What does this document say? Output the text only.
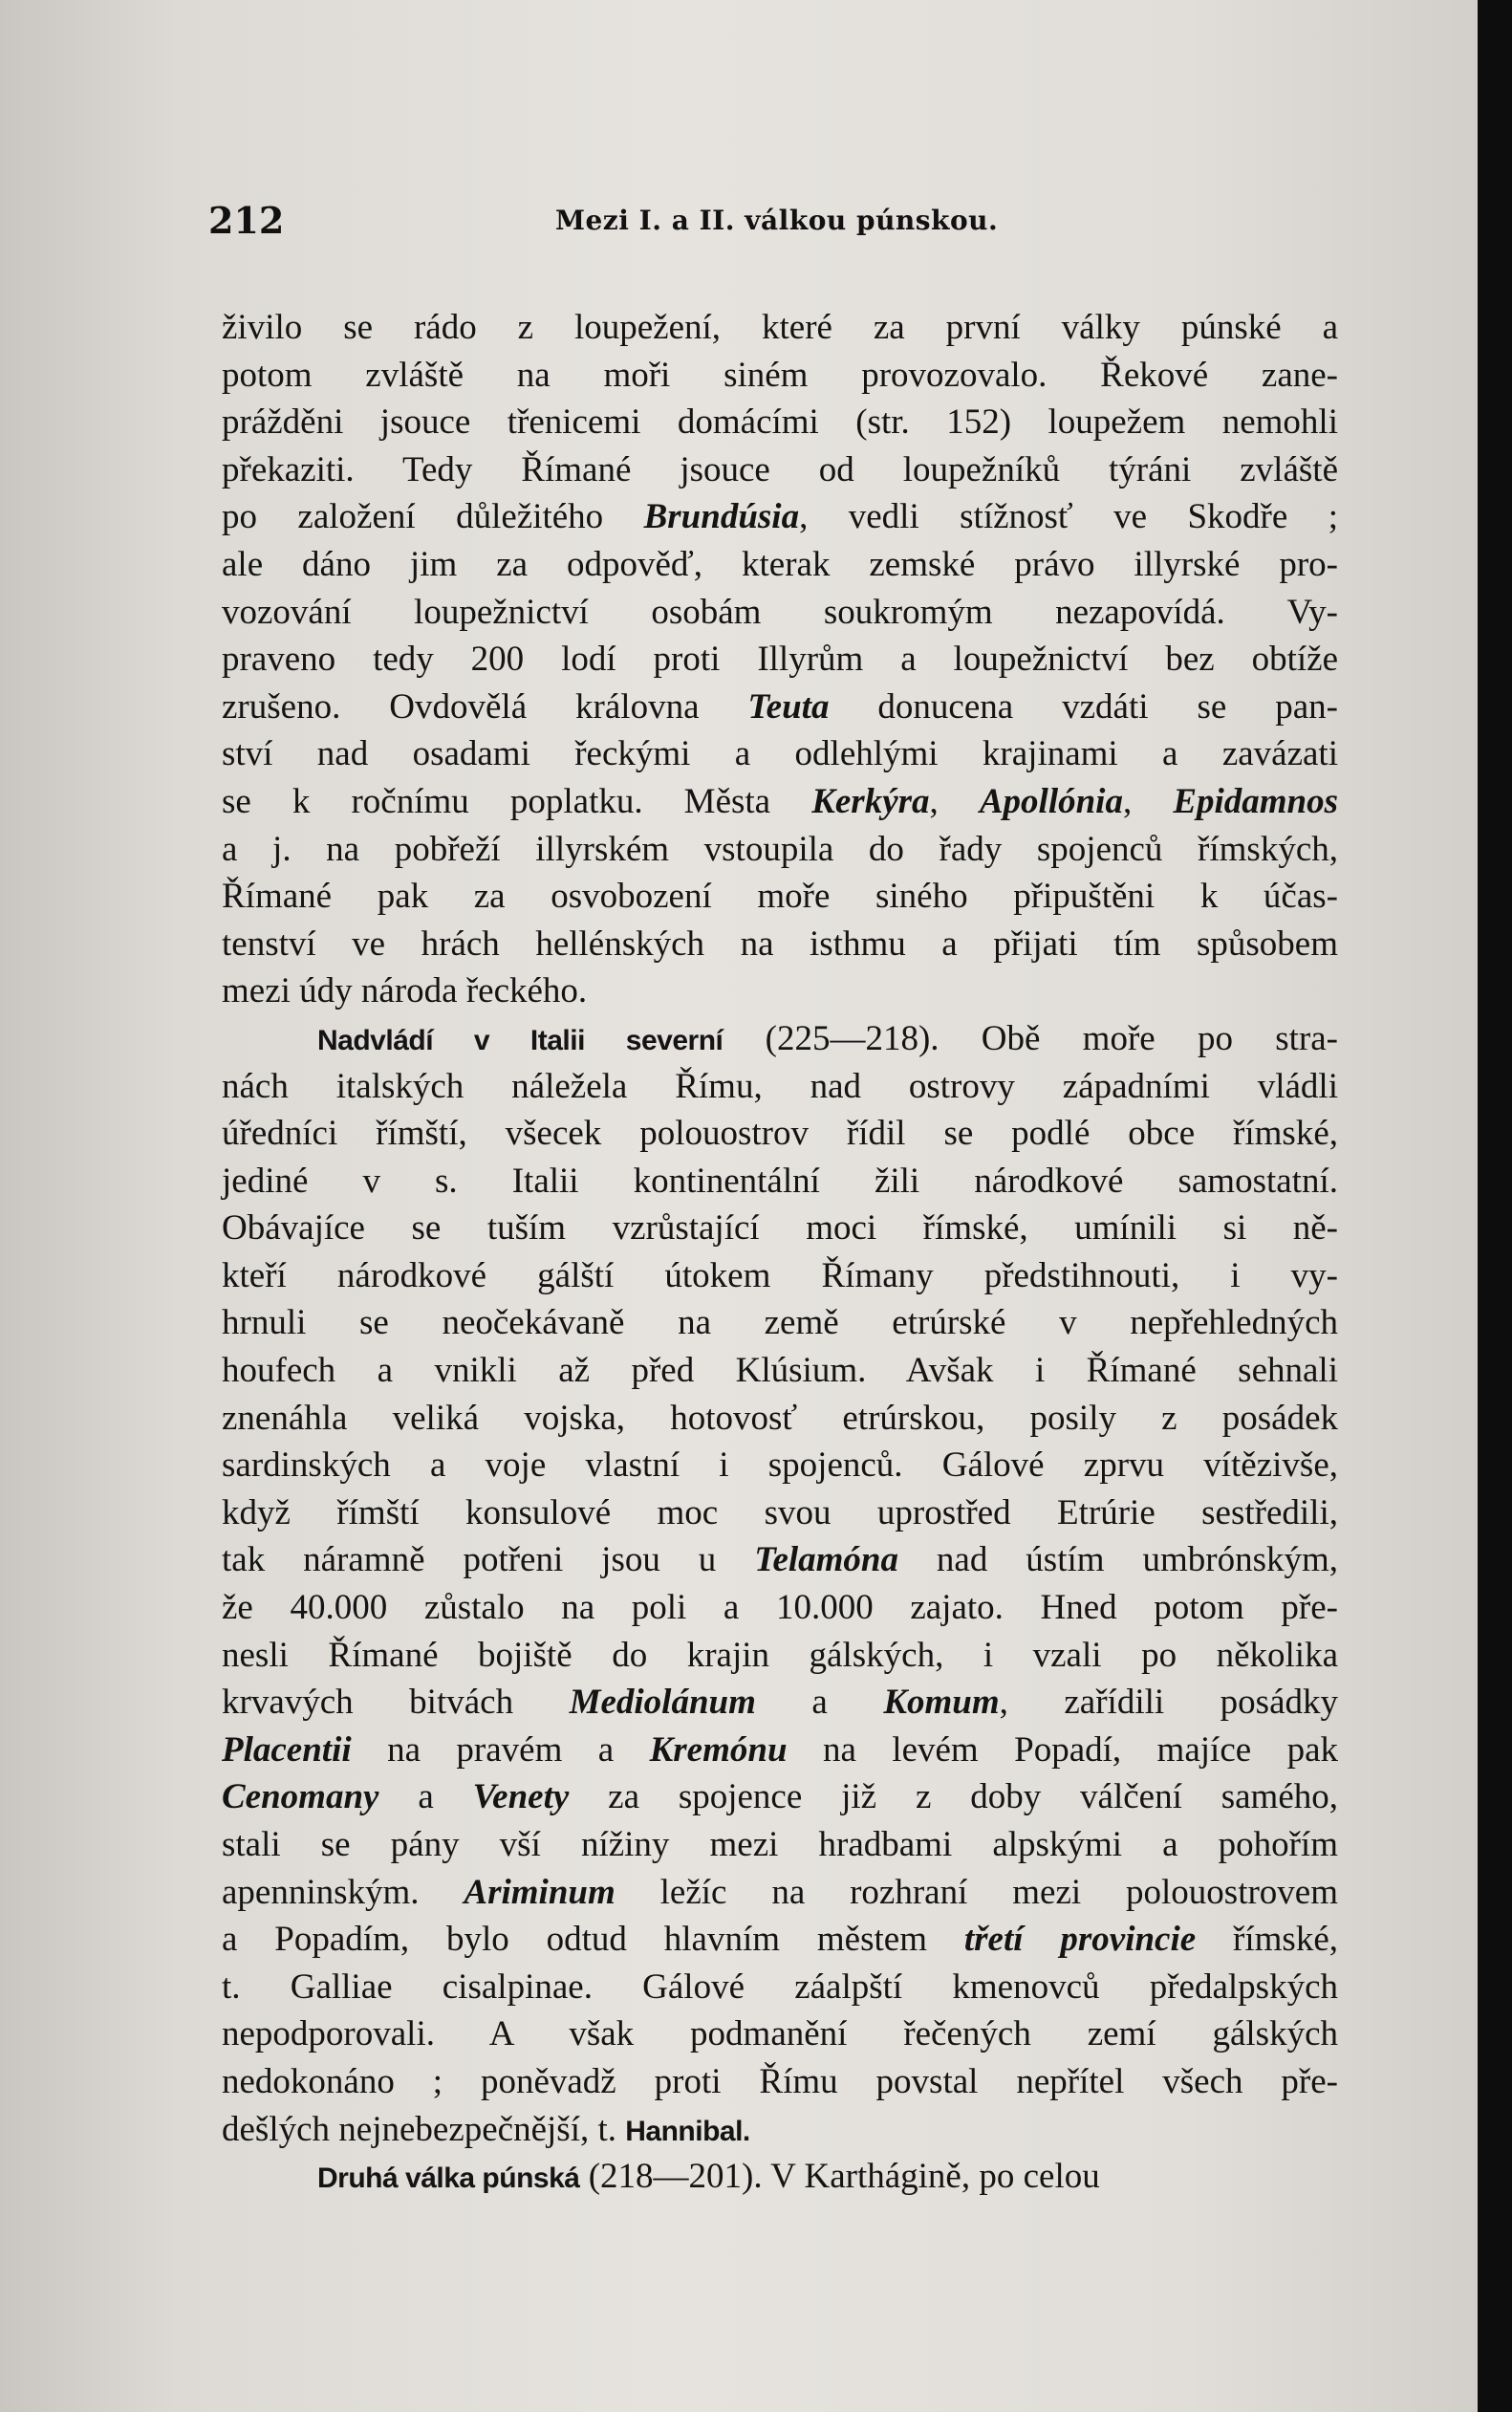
212	Mezi I. a II. válkou púnskou.
živilo se rádo z loupežení, které za první války púnské a
potom zvláště na moři siném provozovalo. Řekové zane-
prážděni jsouce třenicemi domácími (str. 152) loupežem nemohli
překaziti. Tedy Římané jsouce od loupežníků týráni zvláště
po založení důležitého Brundúsia, vedli stížnosť ve Skodře ;
ale dáno jim za odpověď, kterak zemské právo illyrské pro-
vozování loupežnictví osobám soukromým nezapovídá. Vy-
praveno tedy 200 lodí proti Illyrům a loupežnictví bez obtíže
zrušeno. Ovdovělá královna Teuta donucena vzdáti se pan-
ství nad osadami řeckými a odlehlými krajinami a zavázati
se k ročnímu poplatku. Města Kerkýra, Apollónia, Epidamnos
a j. na pobřeží illyrském vstoupila do řady spojenců římských,
Římané pak za osvobození moře siného připuštěni k účas-
tenství ve hrách hellénských na isthmu a přijati tím spůsobem
mezi údy národa řeckého.
Nadvládí v Italii severní (225—218). Obě moře po stra-
nách italských náležela Římu, nad ostrovy západními vládli
úředníci římští, všecek polouostrov řídil se podlé obce římské,
jediné v s. Italii kontinentální žili národkové samostatní.
Obávajíce se tuším vzrůstající moci římské, umínili si ně-
kteří národkové gálští útokem Římany předstihnouti, i vy-
hrnuli se neočekávaně na země etrúrské v nepřehledných
houfech a vnikli až před Klúsium. Avšak i Římané sehnali
znenáhla veliká vojska, hotovosť etrúrskou, posily z posádek
sardinských a voje vlastní i spojenců. Gálové zprvu vítězivše,
když římští konsulové moc svou uprostřed Etrúrie sestředili,
tak náramně potřeni jsou u Telamóna nad ústím umbrónským,
že 40.000 zůstalo na poli a 10.000 zajato. Hned potom pře-
nesli Římané bojiště do krajin gálských, i vzali po několika
krvavých bitvách Mediolánum a Komum, zařídili posádky
Placentii na pravém a Kremónu na levém Popadí, majíce pak
Cenomany a Venety za spojence již z doby válčení samého,
stali se pány vší nížiny mezi hradbami alpskými a pohořím
apenninským. Ariminum ležíc na rozhraní mezi polouostrovem
a Popadím, bylo odtud hlavním městem třetí provincie římské,
t. Galliae cisalpinae. Gálové záalpští kmenovců předalpských
nepodporovali. A však podmanění řečených zemí gálských
nedokonáno ; poněvadž proti Římu povstal nepřítel všech pře-
dešlých nejnebezpečnější, t. Hannibal.
Druhá válka púnská (218—201). V Karthágině, po celou
